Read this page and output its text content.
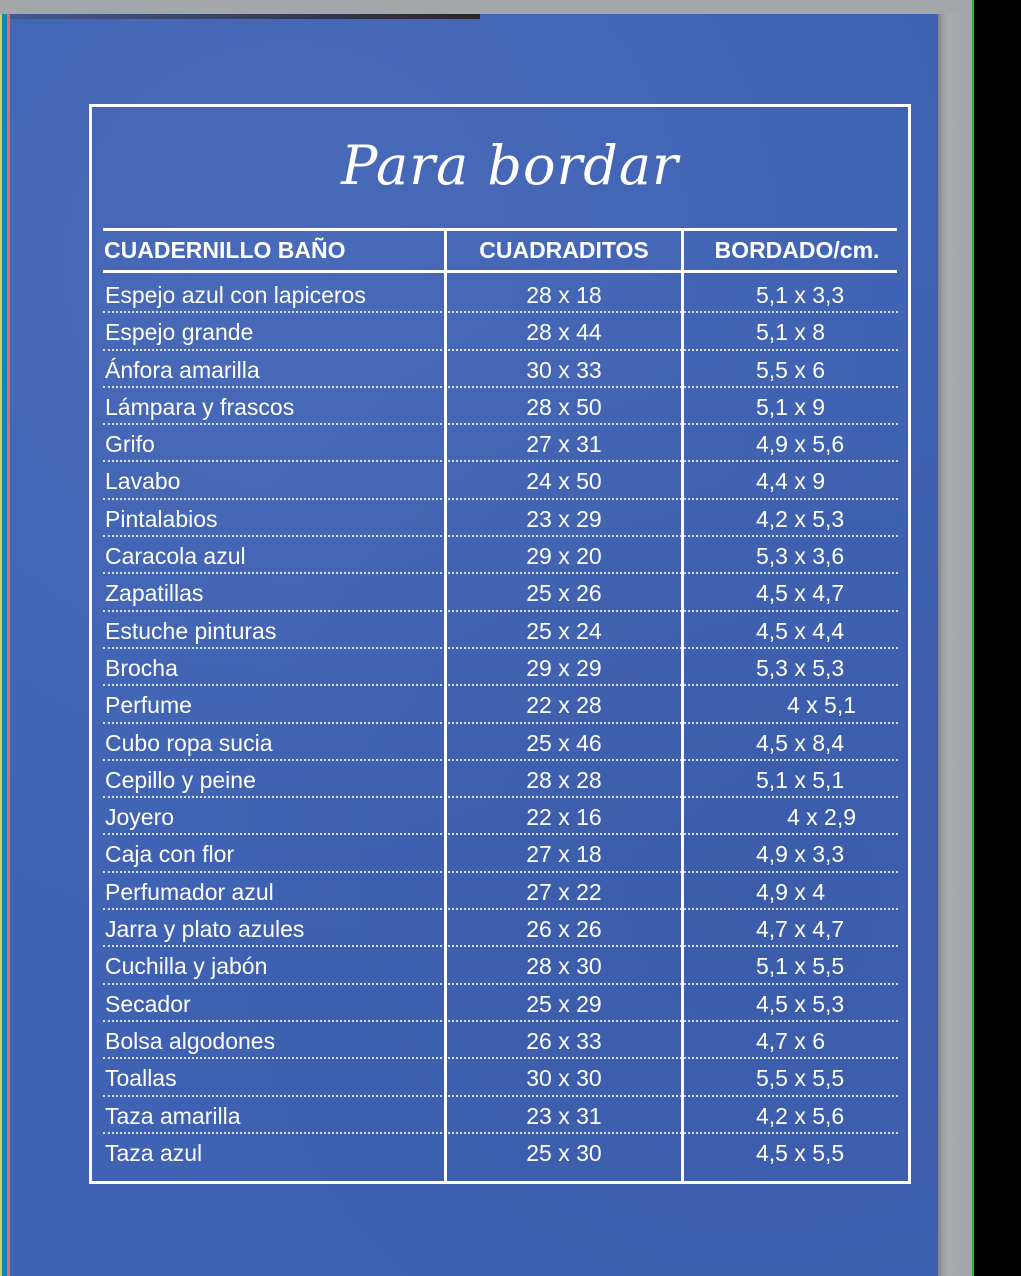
Para bordar
CUADERNILLO BAÑO	CUADRADITOS	BORDADO/cm.
Espejo azul con lapiceros	28 x 18	5,1 x 3,3
Espejo grande	28 x 44	5,1 x 8
Ánfora amarilla	30 x 33	5,5 x 6
Lámpara y frascos	28 x 50	5,1 x 9
Grifo	27 x 31	4,9 x 5,6
Lavabo	24 x 50	4,4 x 9
Pintalabios	23 x 29	4,2 x 5,3
Caracola azul	29 x 20	5,3 x 3,6
Zapatillas	25 x 26	4,5 x 4,7
Estuche pinturas	25 x 24	4,5 x 4,4
Brocha	29 x 29	5,3 x 5,3
Perfume	22 x 28	4 x 5,1
Cubo ropa sucia	25 x 46	4,5 x 8,4
Cepillo y peine	28 x 28	5,1 x 5,1
Joyero	22 x 16	4 x 2,9
Caja con flor	27 x 18	4,9 x 3,3
Perfumador azul	27 x 22	4,9 x 4
Jarra y plato azules	26 x 26	4,7 x 4,7
Cuchilla y jabón	28 x 30	5,1 x 5,5
Secador	25 x 29	4,5 x 5,3
Bolsa algodones	26 x 33	4,7 x 6
Toallas	30 x 30	5,5 x 5,5
Taza amarilla	23 x 31	4,2 x 5,6
Taza azul	25 x 30	4,5 x 5,5
